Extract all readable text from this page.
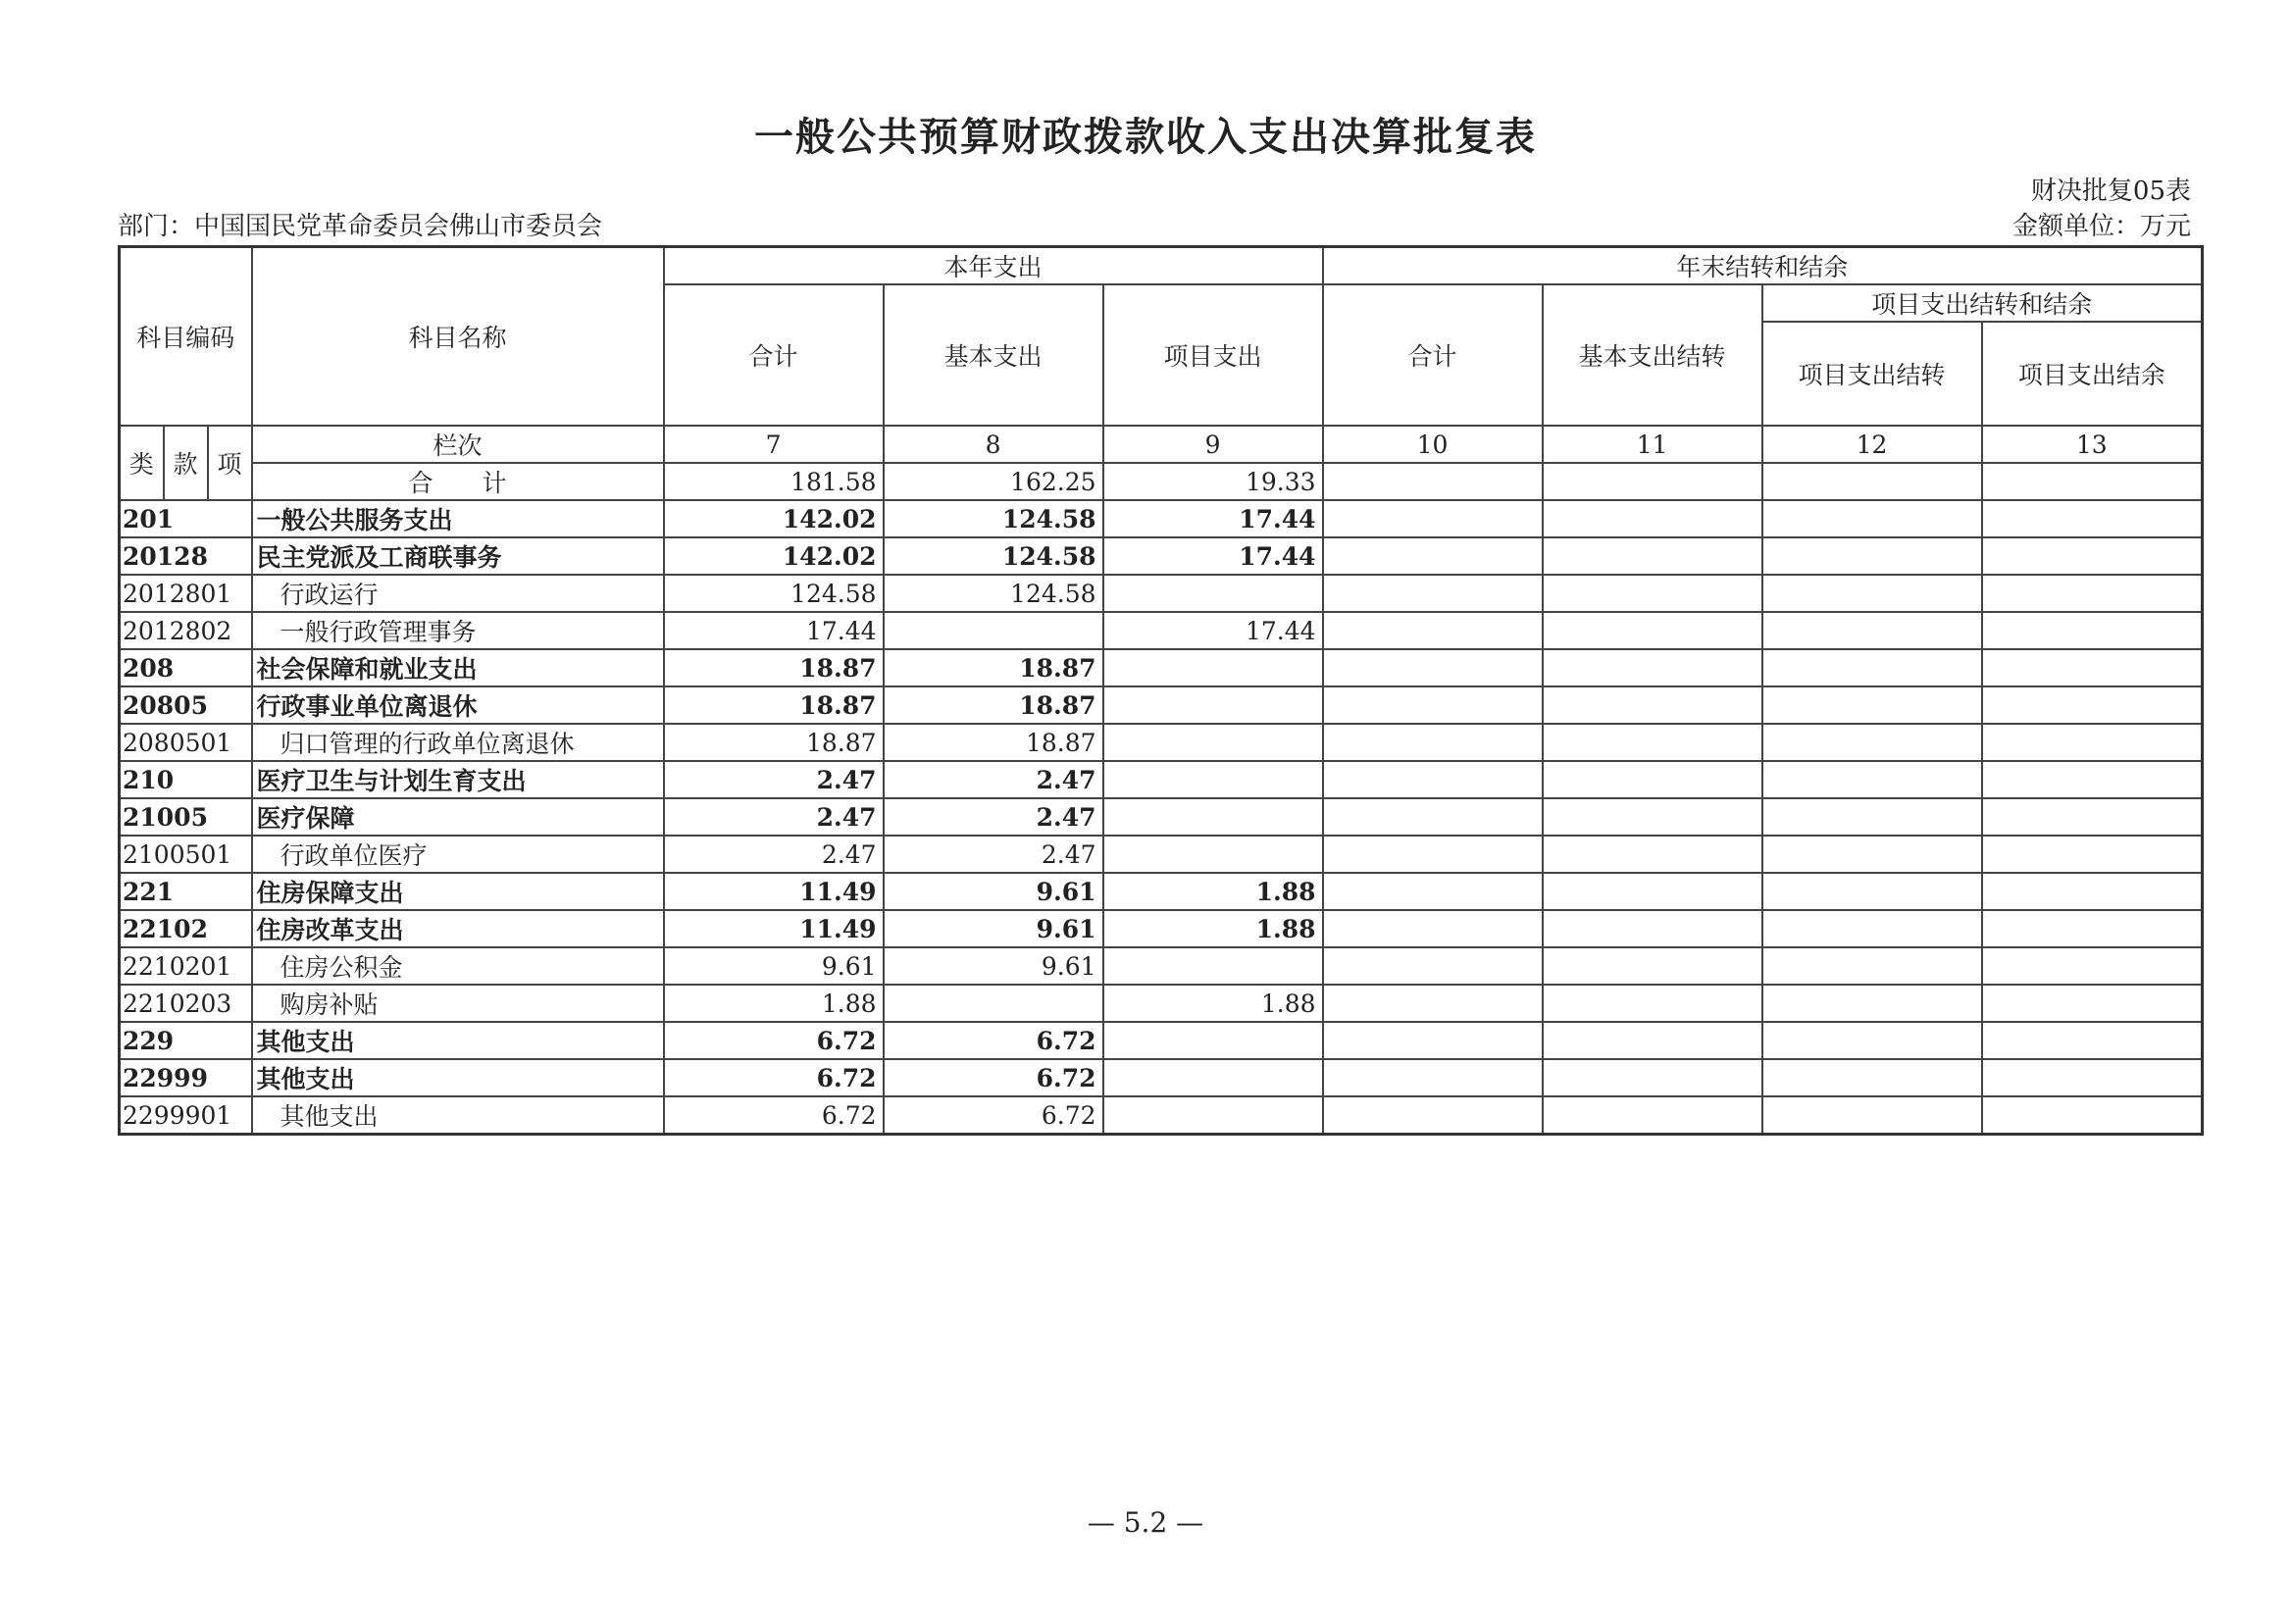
一般公共预算财政拨款收入支出决算批复表
财决批复05表
部门：中国国民党革命委员会佛山市委员会	金额单位：万元
科目编码			科目名称	本年支出			年末结转和结余			
				合计	基本支出	项目支出	合计	基本支出结转	项目支出结转和结余	
									项目支出结转	项目支出结余
类	款	项	栏次	7	8	9	10	11	12	13
			合　　计	181.58	162.25	19.33				
201			一般公共服务支出	142.02	124.58	17.44				
20128			民主党派及工商联事务	142.02	124.58	17.44				
2012801			行政运行	124.58	124.58					
2012802			一般行政管理事务	17.44		17.44				
208			社会保障和就业支出	18.87	18.87					
20805			行政事业单位离退休	18.87	18.87					
2080501			归口管理的行政单位离退休	18.87	18.87					
210			医疗卫生与计划生育支出	2.47	2.47					
21005			医疗保障	2.47	2.47					
2100501			行政单位医疗	2.47	2.47					
221			住房保障支出	11.49	9.61	1.88				
22102			住房改革支出	11.49	9.61	1.88				
2210201			住房公积金	9.61	9.61					
2210203			购房补贴	1.88		1.88				
229			其他支出	6.72	6.72					
22999			其他支出	6.72	6.72					
2299901			其他支出	6.72	6.72					
— 5.2 —
